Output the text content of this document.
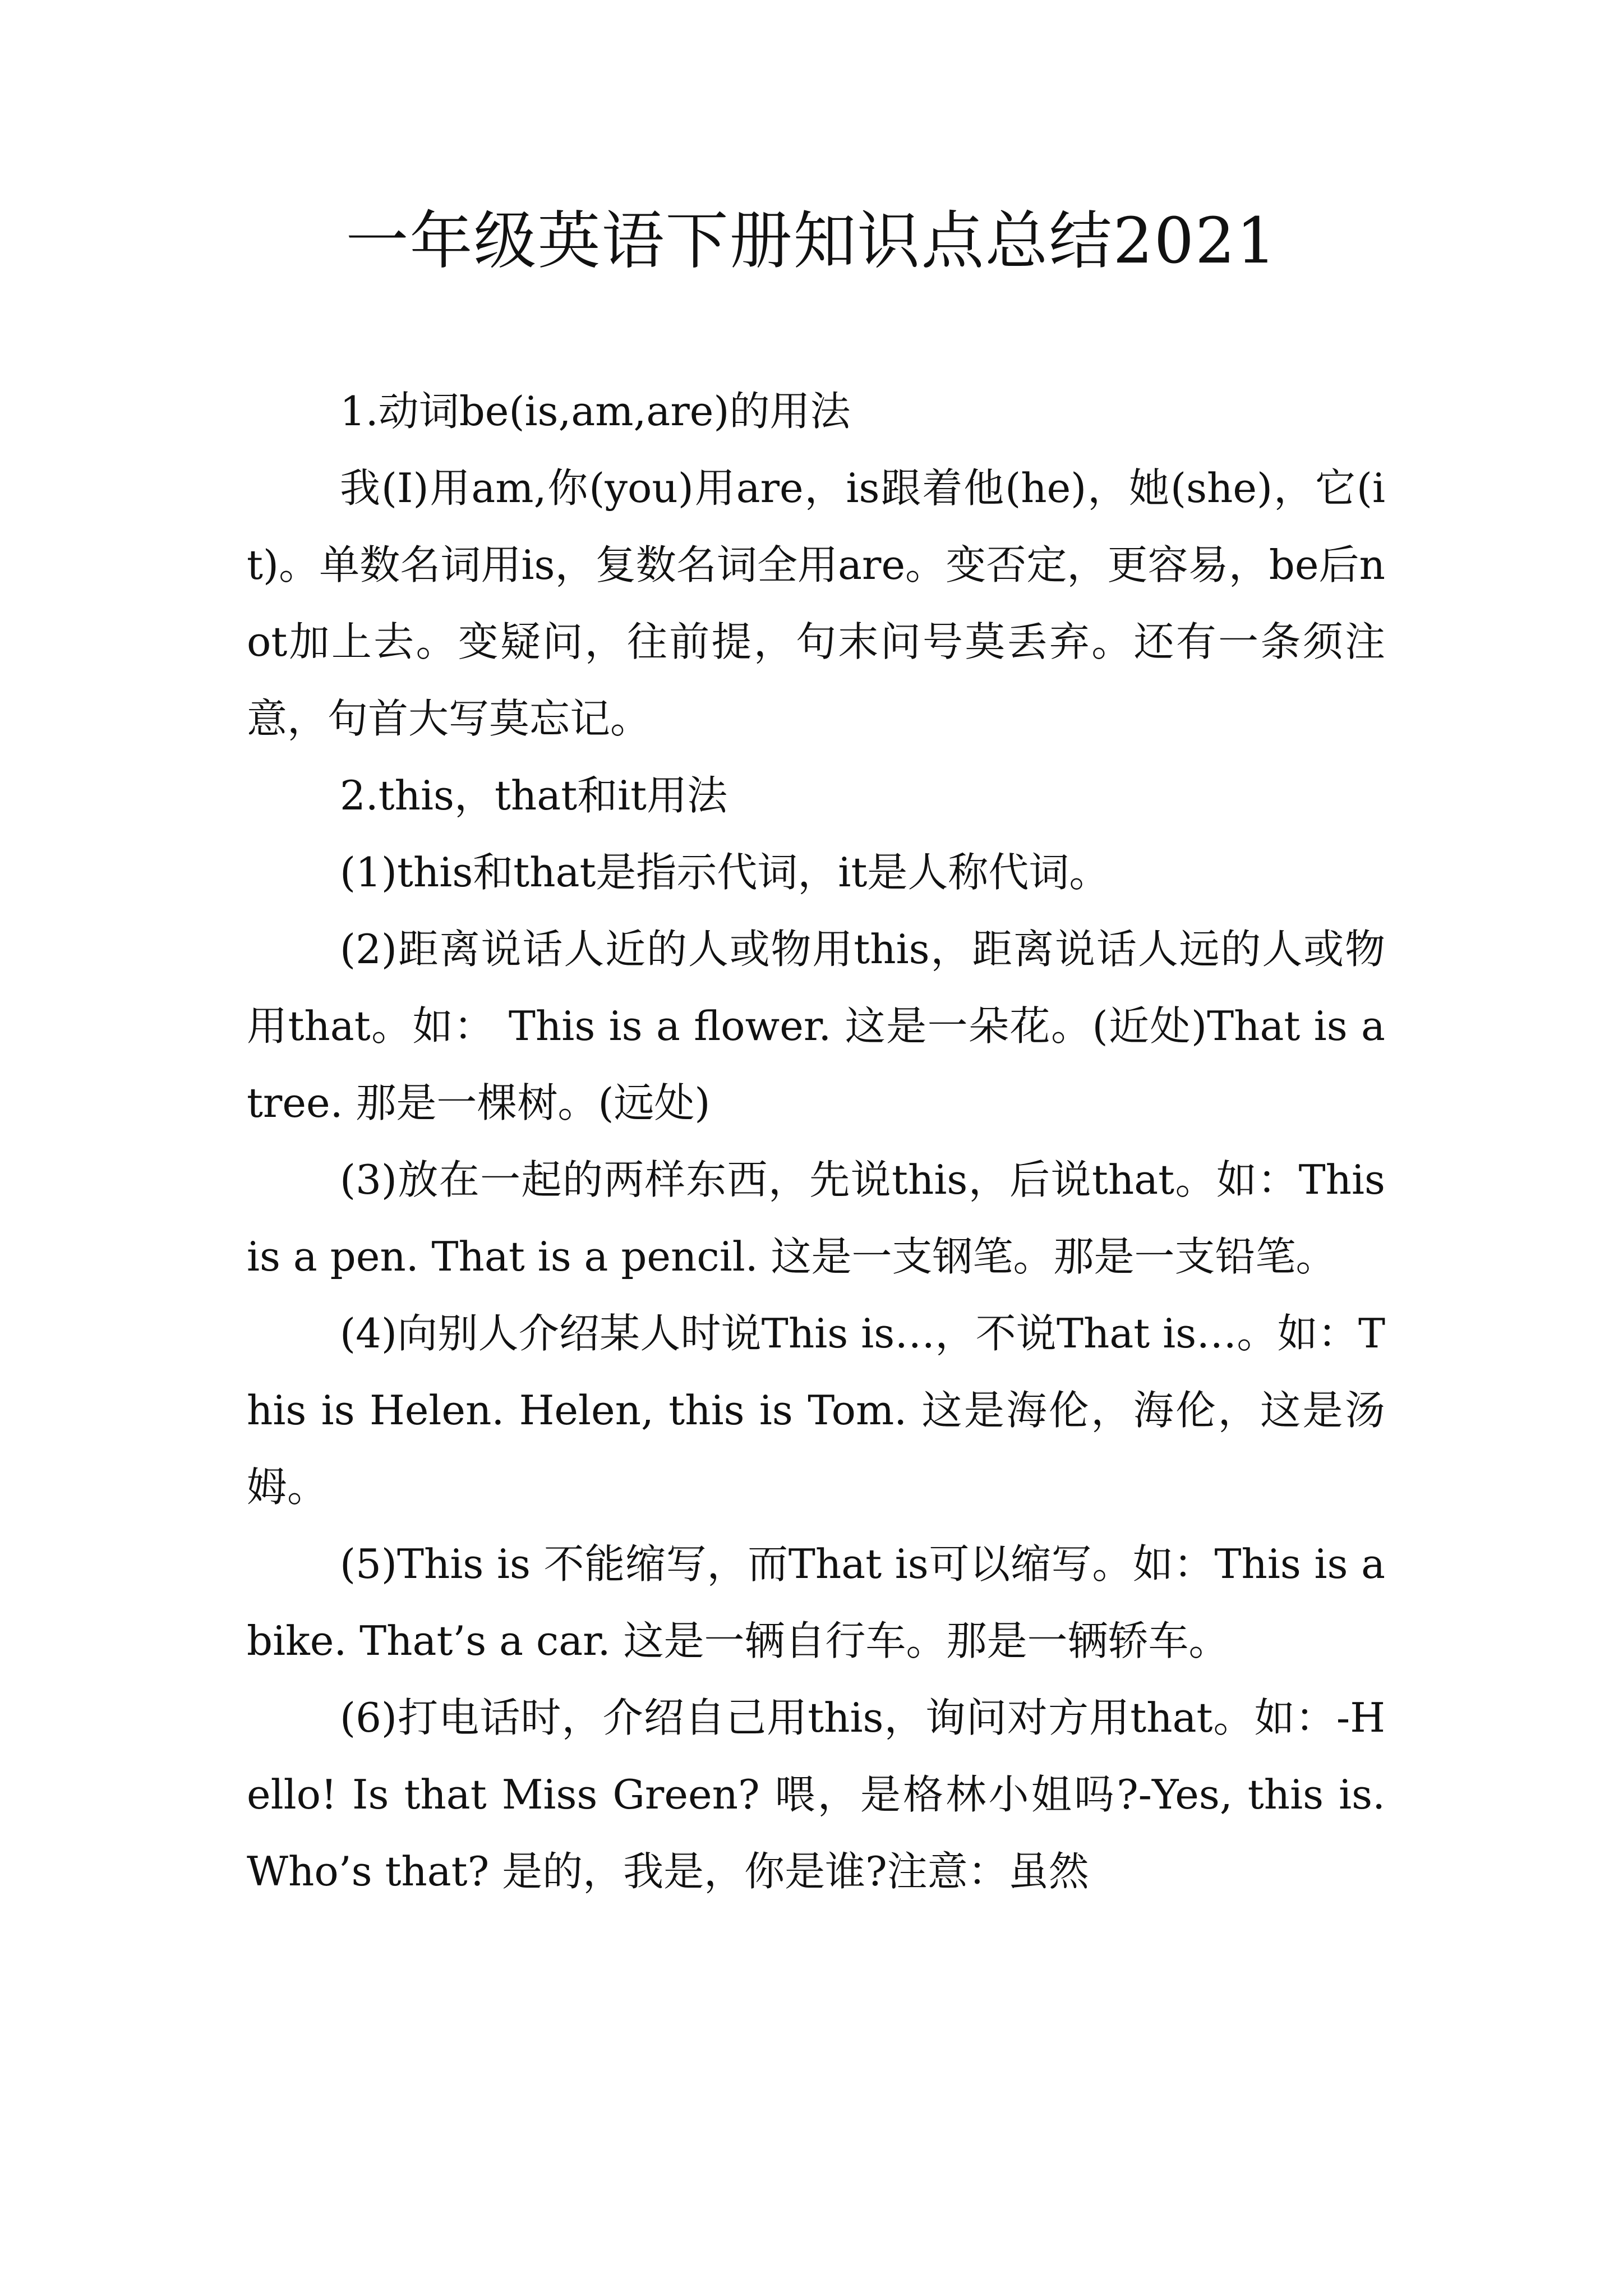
一年级英语下册知识点总结2021

1.动词be(is,am,are)的用法

我(I)用am,你(you)用are，is跟着他(he)，她(she)，它(it)。单数名词用is，复数名词全用are。变否定，更容易，be后not加上去。变疑问，往前提，句末问号莫丢弃。还有一条须注意，句首大写莫忘记。

2.this，that和it用法

(1)this和that是指示代词，it是人称代词。

(2)距离说话人近的人或物用this，距离说话人远的人或物用that。如： This is a flower. 这是一朵花。(近处)That is a tree. 那是一棵树。(远处)

(3)放在一起的两样东西，先说this，后说that。如：This is a pen. That is a pencil. 这是一支钢笔。那是一支铅笔。

(4)向别人介绍某人时说This is…，不说That is…。如：This is Helen. Helen, this is Tom. 这是海伦，海伦，这是汤姆。

(5)This is 不能缩写，而That is可以缩写。如：This is a bike. That’s a car. 这是一辆自行车。那是一辆轿车。

(6)打电话时，介绍自己用this，询问对方用that。如：-Hello! Is that Miss Green? 喂，是格林小姐吗?-Yes, this is. Who’s that? 是的，我是，你是谁?注意：虽然
